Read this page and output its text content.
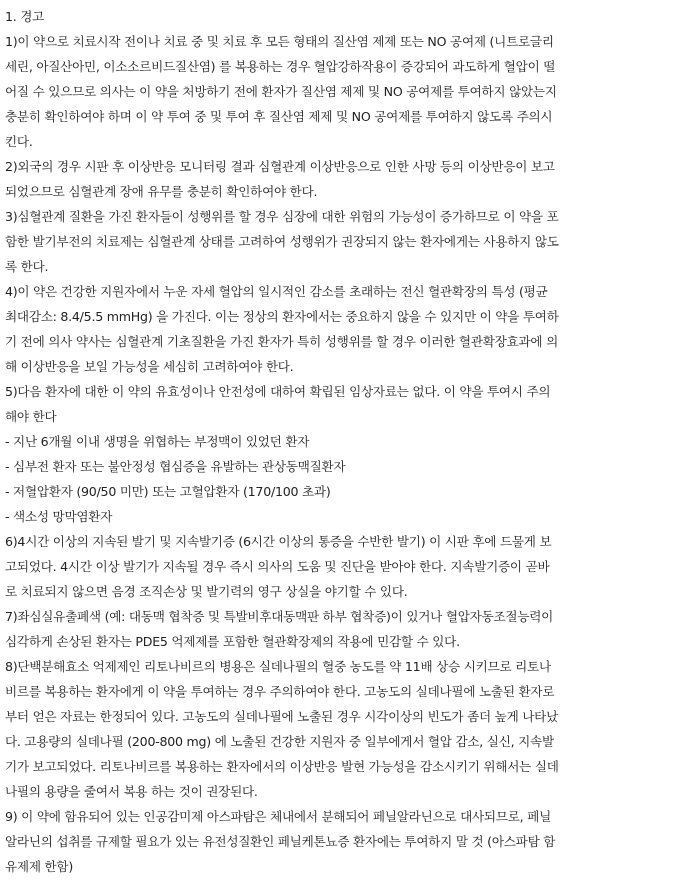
1. 경고
1)이 약으로 치료시작 전이나 치료 중 및 치료 후 모든 형태의 질산염 제제 또는 NO 공여제 (니트로글리
세린, 아질산아민, 이소소르비드질산염) 를 복용하는 경우 혈압강하작용이 증강되어 과도하게 혈압이 떨
어질 수 있으므로 의사는 이 약을 처방하기 전에 환자가 질산염 제제 및 NO 공여제를 투여하지 않았는지
충분히 확인하여야 하며 이 약 투여 중 및 투여 후 질산염 제제 및 NO 공여제를 투여하지 않도록 주의시
킨다.
2)외국의 경우 시판 후 이상반응 모니터링 결과 심혈관계 이상반응으로 인한 사망 등의 이상반응이 보고
되었으므로 심혈관계 장애 유무를 충분히 확인하여야 한다.
3)심혈관계 질환을 가진 환자들이 성행위를 할 경우 심장에 대한 위험의 가능성이 증가하므로 이 약을 포
함한 발기부전의 치료제는 심혈관계 상태를 고려하여 성행위가 권장되지 않는 환자에게는 사용하지 않도
록 한다.
4)이 약은 건강한 지원자에서 누운 자세 혈압의 일시적인 감소를 초래하는 전신 혈관확장의 특성 (평균
최대감소: 8.4/5.5 mmHg) 을 가진다. 이는 정상의 환자에서는 중요하지 않을 수 있지만 이 약을 투여하
기 전에 의사 약사는 심혈관계 기초질환을 가진 환자가 특히 성행위를 할 경우 이러한 혈관확장효과에 의
해 이상반응을 보일 가능성을 세심히 고려하여야 한다.
5)다음 환자에 대한 이 약의 유효성이나 안전성에 대하여 확립된 임상자료는 없다. 이 약을 투여시 주의
해야 한다
- 지난 6개월 이내 생명을 위협하는 부정맥이 있었던 환자
- 심부전 환자 또는 불안정성 협심증을 유발하는 관상동맥질환자
- 저혈압환자 (90/50 미만) 또는 고혈압환자 (170/100 초과)
- 색소성 망막염환자
6)4시간 이상의 지속된 발기 및 지속발기증 (6시간 이상의 통증을 수반한 발기) 이 시판 후에 드물게 보
고되었다. 4시간 이상 발기가 지속될 경우 즉시 의사의 도움 및 진단을 받아야 한다. 지속발기증이 곧바
로 치료되지 않으면 음경 조직손상 및 발기력의 영구 상실을 야기할 수 있다.
7)좌심실유출폐색 (예: 대동맥 협착증 및 특발비후대동맥판 하부 협착증)이 있거나 혈압자동조절능력이
심각하게 손상된 환자는 PDE5 억제제를 포함한 혈관확장제의 작용에 민감할 수 있다.
8)단백분해효소 억제제인 리토나비르의 병용은 실데나필의 혈중 농도를 약 11배 상승 시키므로 리토나
비르를 복용하는 환자에게 이 약을 투여하는 경우 주의하여야 한다. 고농도의 실데나필에 노출된 환자로
부터 얻은 자료는 한정되어 있다. 고농도의 실데나필에 노출된 경우 시각이상의 빈도가 좀더 높게 나타났
다. 고용량의 실데나필 (200-800 mg) 에 노출된 건강한 지원자 중 일부에게서 혈압 감소, 실신, 지속발
기가 보고되었다. 리토나비르를 복용하는 환자에서의 이상반응 발현 가능성을 감소시키기 위해서는 실데
나필의 용량을 줄여서 복용 하는 것이 권장된다.
9) 이 약에 함유되어 있는 인공감미제 아스파탐은 체내에서 분해되어 페닐알라닌으로 대사되므로, 페닐
알라닌의 섭취를 규제할 필요가 있는 유전성질환인 페닐케톤뇨증 환자에는 투여하지 말 것 (아스파탐 함
유제제 한함)
